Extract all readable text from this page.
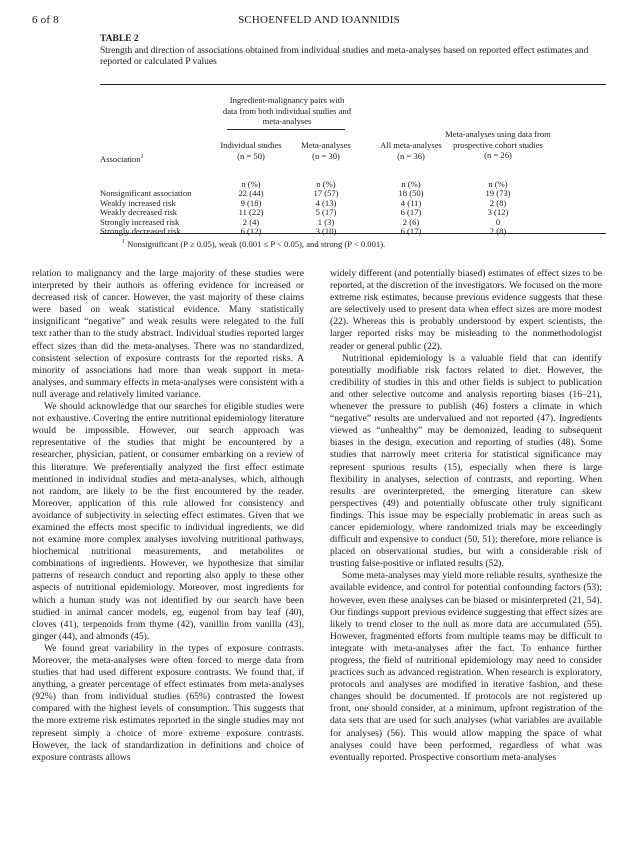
6 of 8	SCHOENFELD AND IOANNIDIS
TABLE 2
Strength and direction of associations obtained from individual studies and meta-analyses based on reported effect estimates and reported or calculated P values
Ingredient-malignancy pairs with data from both individual studies and meta-analyses
Association$^1$
Individual studies
(n = 50)
Meta-analyses
(n = 30)
All meta-analyses
(n = 36)
Meta-analyses using data from prospective cohort studies
(n = 26)
n (%)	n (%)	n (%)	n (%)
Nonsignificant association	22 (44)	17 (57)	18 (50)	19 (73)
Weakly increased risk	9 (18)	4 (13)	4 (11)	2 (8)
Weakly decreased risk	11 (22)	5 (17)	6 (17)	3 (12)
Strongly increased risk	2 (4)	1 (3)	2 (6)	0
Strongly decreased risk	6 (12)	3 (10)	6 (17)	2 (8)
$^1$ Nonsignificant (P ≥ 0.05), weak (0.001 ≤ P < 0.05), and strong (P < 0.001).

relation to malignancy and the large majority of these studies were interpreted by their authors as offering evidence for increased or decreased risk of cancer. However, the vast majority of these claims were based on weak statistical evidence. Many statistically insignificant “negative” and weak results were relegated to the full text rather than to the study abstract. Individual studies reported larger effect sizes than did the meta-analyses. There was no standardized, consistent selection of exposure contrasts for the reported risks. A minority of associations had more than weak support in meta-analyses, and summary effects in meta-analyses were consistent with a null average and relatively limited variance.

We should acknowledge that our searches for eligible studies were not exhaustive. Covering the entire nutritional epidemiology literature would be impossible. However, our search approach was representative of the studies that might be encountered by a researcher, physician, patient, or consumer embarking on a review of this literature. We preferentially analyzed the first effect estimate mentioned in individual studies and meta-analyses, which, although not random, are likely to be the first encountered by the reader. Moreover, application of this rule allowed for consistency and avoidance of subjectivity in selecting effect estimates. Given that we examined the effects most specific to individual ingredients, we did not examine more complex analyses involving nutritional pathways, biochemical nutritional measurements, and metabolites or combinations of ingredients. However, we hypothesize that similar patterns of research conduct and reporting also apply to these other aspects of nutritional epidemiology. Moreover, most ingredients for which a human study was not identified by our search have been studied in animal cancer models, eg, eugenol from bay leaf (40), cloves (41), terpenoids from thyme (42), vanillin from vanilla (43), ginger (44), and almonds (45).

We found great variability in the types of exposure contrasts. Moreover, the meta-analyses were often forced to merge data from studies that had used different exposure contrasts. We found that, if anything, a greater percentage of effect estimates from meta-analyses (92%) than from individual studies (65%) contrasted the lowest compared with the highest levels of consumption. This suggests that the more extreme risk estimates reported in the single studies may not represent simply a choice of more extreme exposure contrasts. However, the lack of standardization in definitions and choice of exposure contrasts allows

widely different (and potentially biased) estimates of effect sizes to be reported, at the discretion of the investigators. We focused on the more extreme risk estimates, because previous evidence suggests that these are selectively used to present data when effect sizes are more modest (22). Whereas this is probably understood by expert scientists, the larger reported risks may be misleading to the nonmethodologist reader or general public (22).

Nutritional epidemiology is a valuable field that can identify potentially modifiable risk factors related to diet. However, the credibility of studies in this and other fields is subject to publication and other selective outcome and analysis reporting biases (16–21), whenever the pressure to publish (46) fosters a climate in which “negative” results are undervalued and not reported (47). Ingredients viewed as “unhealthy” may be demonized, leading to subsequent biases in the design, execution and reporting of studies (48). Some studies that narrowly meet criteria for statistical significance may represent spurious results (15), especially when there is large flexibility in analyses, selection of contrasts, and reporting. When results are overinterpreted, the emerging literature can skew perspectives (49) and potentially obfuscate other truly significant findings. This issue may be especially problematic in areas such as cancer epidemiology, where randomized trials may be exceedingly difficult and expensive to conduct (50, 51); therefore, more reliance is placed on observational studies, but with a considerable risk of trusting false-positive or inflated results (52).

Some meta-analyses may yield more reliable results, synthesize the available evidence, and control for potential confounding factors (53); however, even these analyses can be biased or misinterpreted (21, 54). Our findings support previous evidence suggesting that effect sizes are likely to trend closer to the null as more data are accumulated (55). However, fragmented efforts from multiple teams may be difficult to integrate with meta-analyses after the fact. To enhance further progress, the field of nutritional epidemiology may need to consider practices such as advanced registration. When research is exploratory, protocols and analyses are modified in iterative fashion, and these changes should be documented. If protocols are not registered up front, one should consider, at a minimum, upfront registration of the data sets that are used for such analyses (what variables are available for analyses) (56). This would allow mapping the space of what analyses could have been performed, regardless of what was eventually reported. Prospective consortium meta-analyses
